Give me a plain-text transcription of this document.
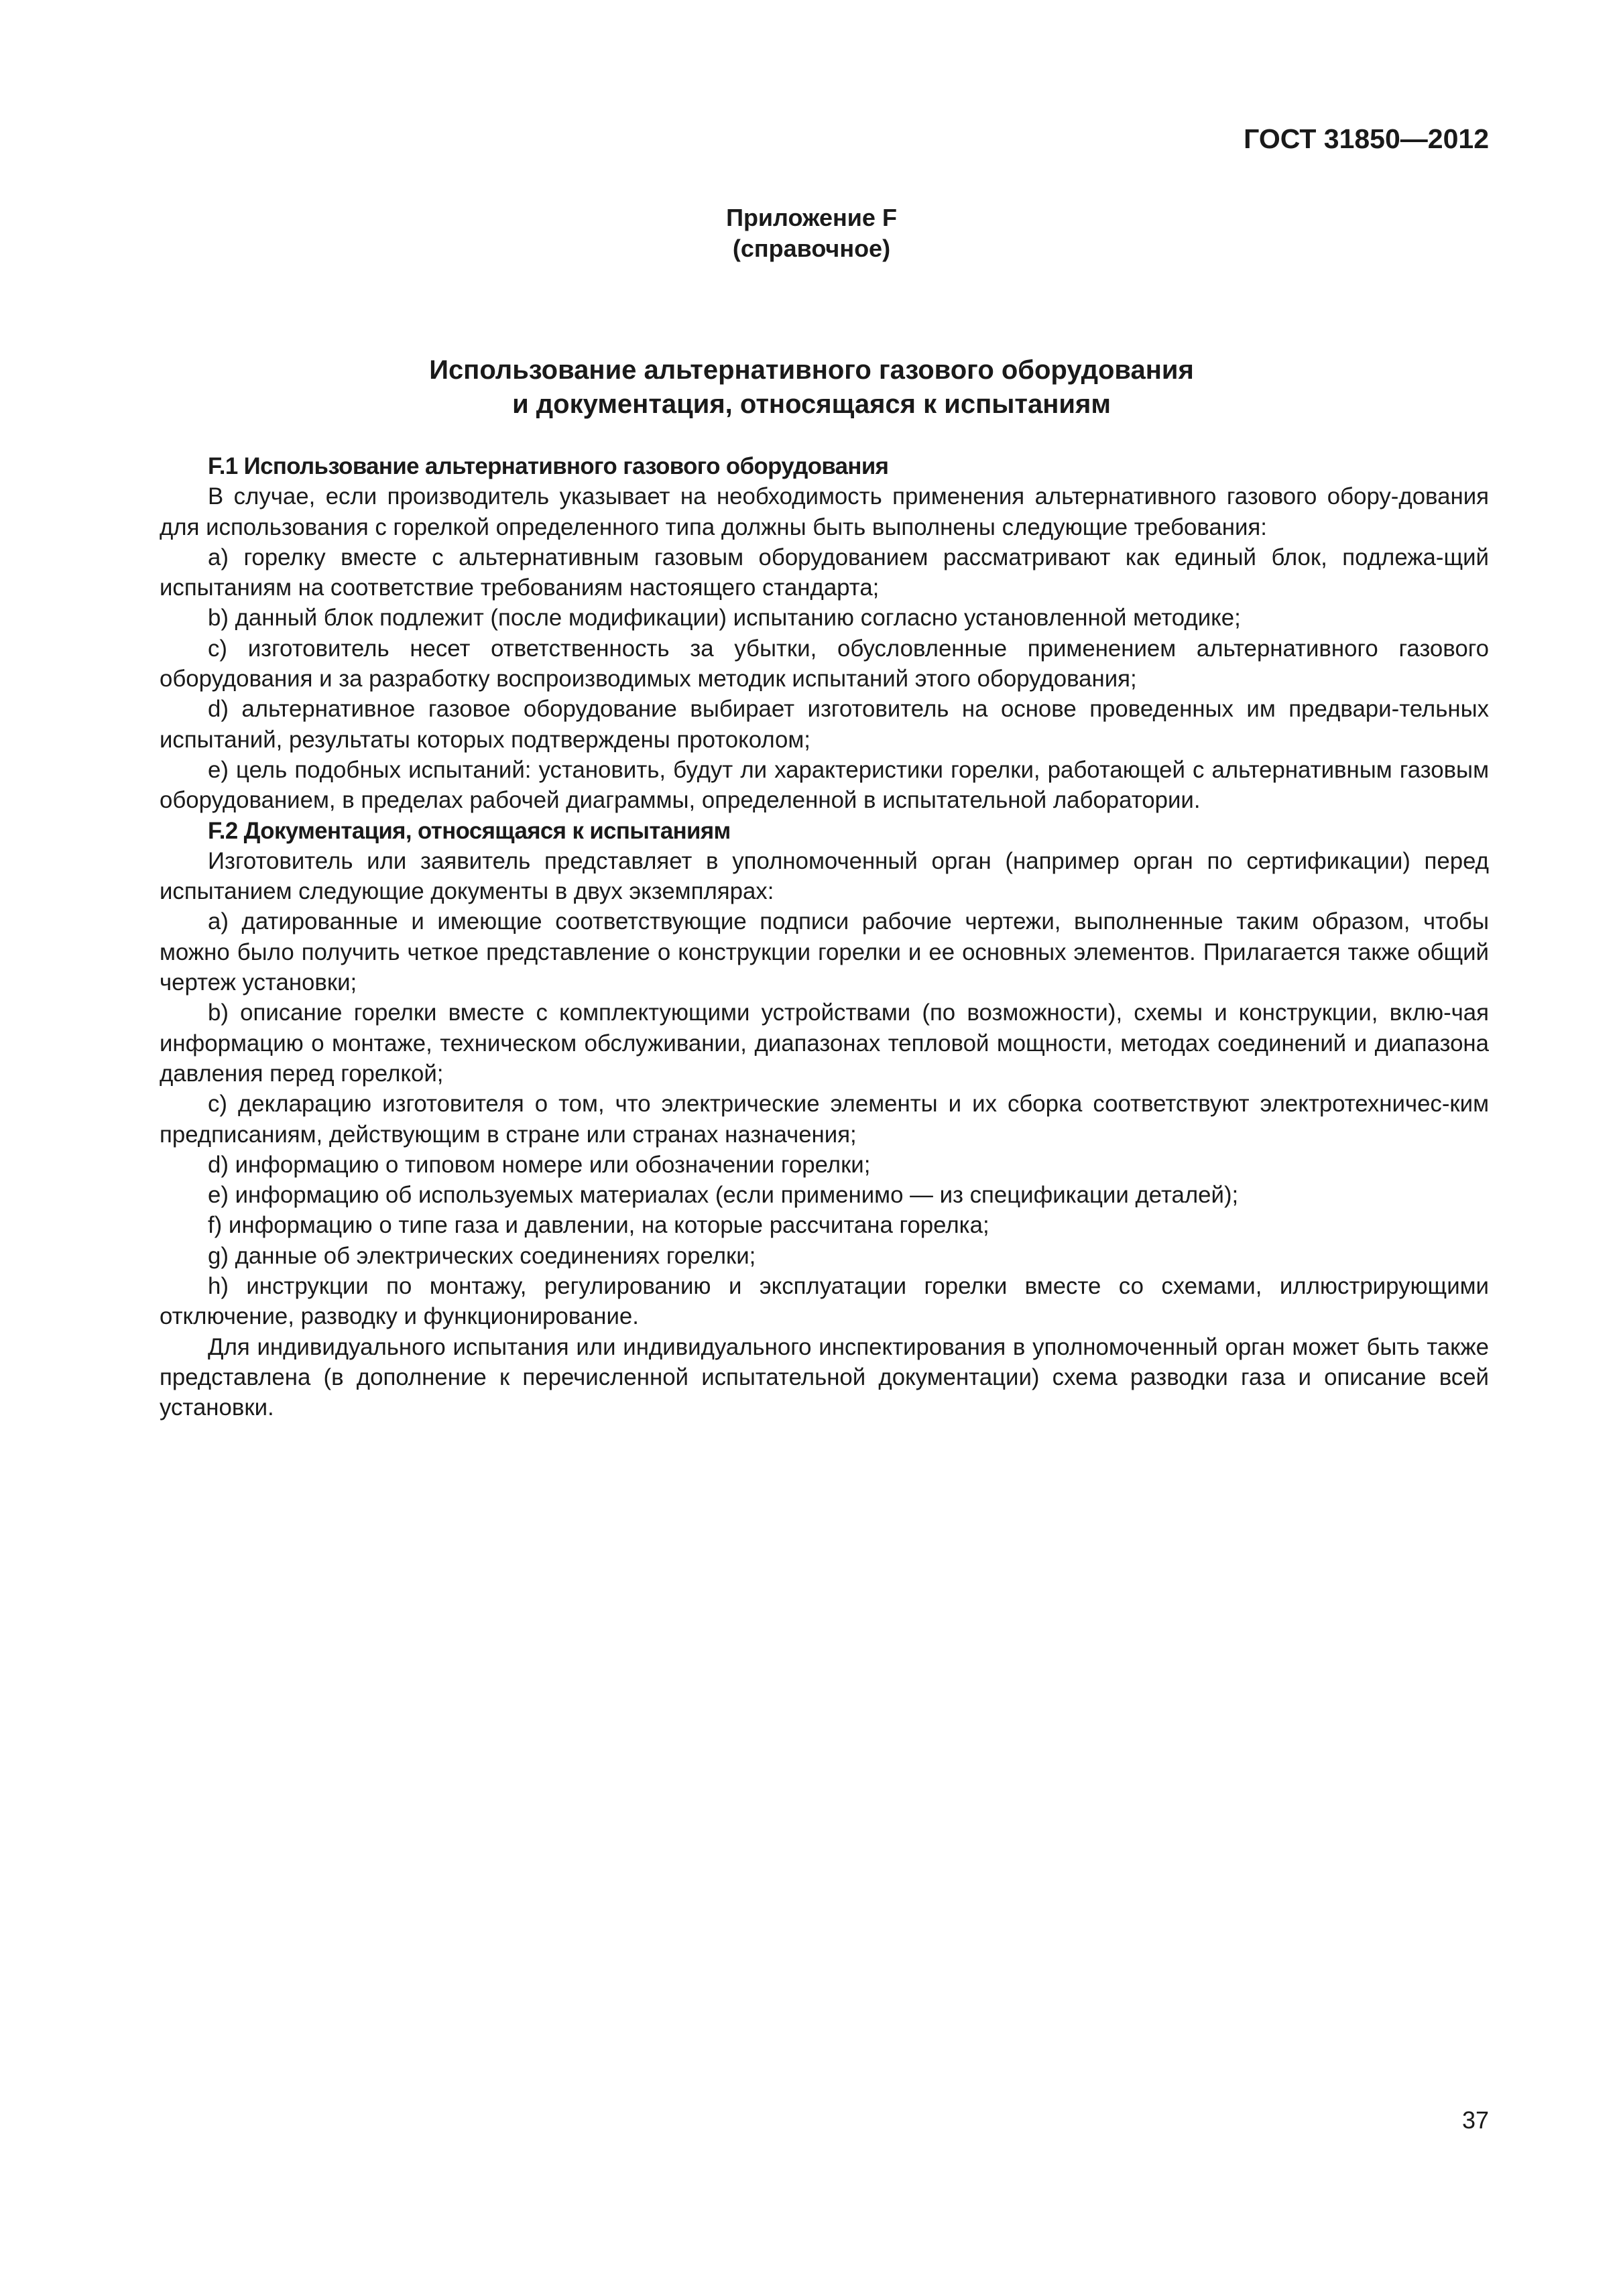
ГОСТ 31850—2012
Приложение F
(справочное)
Использование альтернативного газового оборудования
и документация, относящаяся к испытаниям
F.1 Использование альтернативного газового оборудования

В случае, если производитель указывает на необходимость применения альтернативного газового обору-дования для использования с горелкой определенного типа должны быть выполнены следующие требования:

а) горелку вместе с альтернативным газовым оборудованием рассматривают как единый блок, подлежа-щий испытаниям на соответствие требованиям настоящего стандарта;

b) данный блок подлежит (после модификации) испытанию согласно установленной методике;

с) изготовитель несет ответственность за убытки, обусловленные применением альтернативного газового оборудования и за разработку воспроизводимых методик испытаний этого оборудования;

d) альтернативное газовое оборудование выбирает изготовитель на основе проведенных им предвари-тельных испытаний, результаты которых подтверждены протоколом;

е) цель подобных испытаний: установить, будут ли характеристики горелки, работающей с альтернативным газовым оборудованием, в пределах рабочей диаграммы, определенной в испытательной лаборатории.

F.2 Документация, относящаяся к испытаниям

Изготовитель или заявитель представляет в уполномоченный орган (например орган по сертификации) перед испытанием следующие документы в двух экземплярах:

а) датированные и имеющие соответствующие подписи рабочие чертежи, выполненные таким образом, чтобы можно было получить четкое представление о конструкции горелки и ее основных элементов. Прилагается также общий чертеж установки;

b) описание горелки вместе с комплектующими устройствами (по возможности), схемы и конструкции, вклю-чая информацию о монтаже, техническом обслуживании, диапазонах тепловой мощности, методах соединений и диапазона давления перед горелкой;

с) декларацию изготовителя о том, что электрические элементы и их сборка соответствуют электротехничес-ким предписаниям, действующим в стране или странах назначения;

d) информацию о типовом номере или обозначении горелки;

е) информацию об используемых материалах (если применимо — из спецификации деталей);

f) информацию о типе газа и давлении, на которые рассчитана горелка;

g) данные об электрических соединениях горелки;

h) инструкции по монтажу, регулированию и эксплуатации горелки вместе со схемами, иллюстрирующими отключение, разводку и функционирование.

Для индивидуального испытания или индивидуального инспектирования в уполномоченный орган может быть также представлена (в дополнение к перечисленной испытательной документации) схема разводки газа и описание всей установки.

37
